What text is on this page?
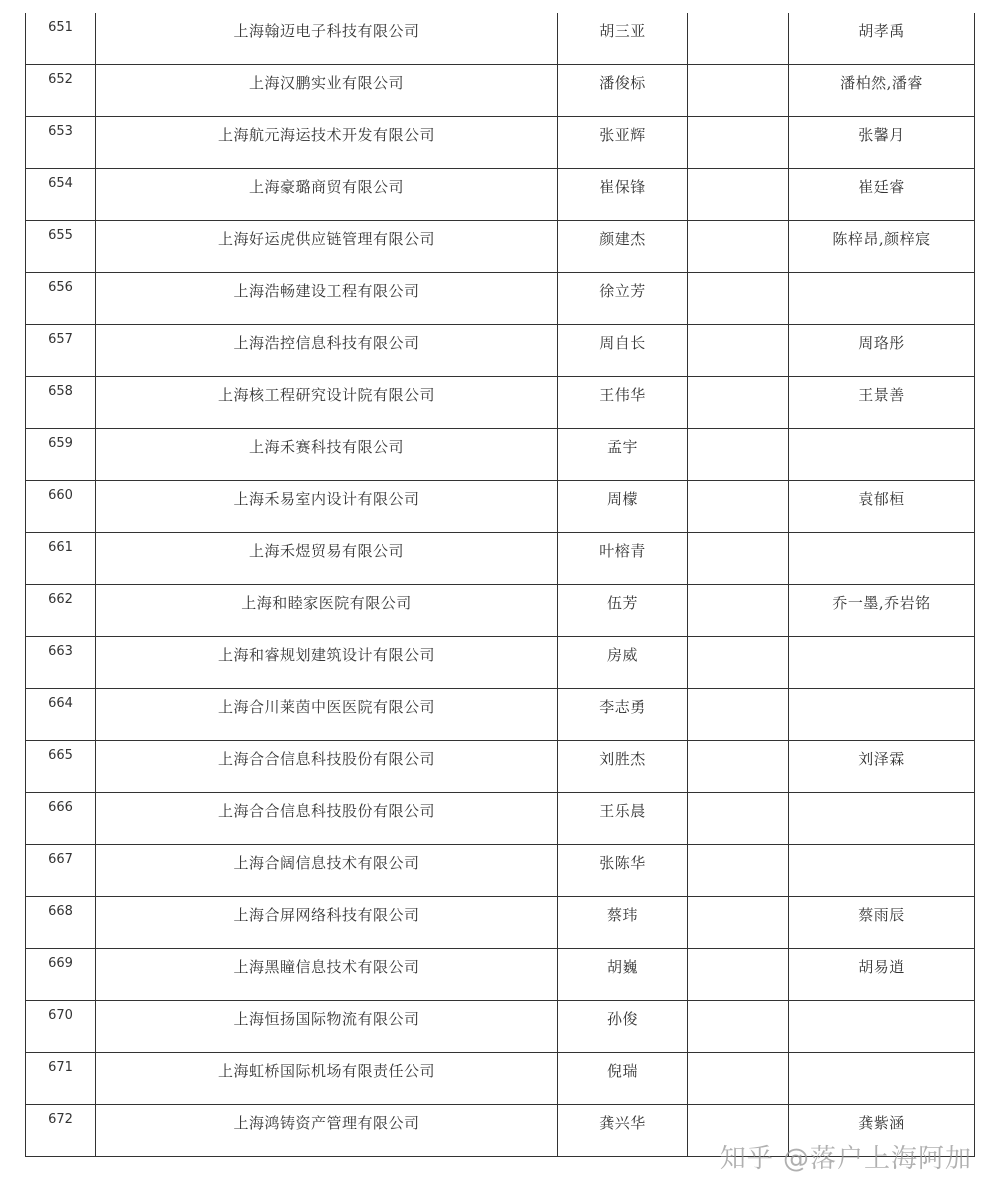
651	上海翰迈电子科技有限公司	胡三亚		胡孝禹

652	上海汉鹏实业有限公司	潘俊标		潘柏然,潘睿

653	上海航元海运技术开发有限公司	张亚辉		张馨月

654	上海豪璐商贸有限公司	崔保锋		崔廷睿

655	上海好运虎供应链管理有限公司	颜建杰		陈梓昂,颜梓宸

656	上海浩畅建设工程有限公司	徐立芳		

657	上海浩控信息科技有限公司	周自长		周珞彤

658	上海核工程研究设计院有限公司	王伟华		王景善

659	上海禾赛科技有限公司	孟宇		

660	上海禾易室内设计有限公司	周檬		袁郁桓

661	上海禾煜贸易有限公司	叶榕青		

662	上海和睦家医院有限公司	伍芳		乔一墨,乔岩铭

663	上海和睿规划建筑设计有限公司	房威		

664	上海合川莱茵中医医院有限公司	李志勇		

665	上海合合信息科技股份有限公司	刘胜杰		刘泽霖

666	上海合合信息科技股份有限公司	王乐晨		

667	上海合阔信息技术有限公司	张陈华		

668	上海合屏网络科技有限公司	蔡玮		蔡雨辰

669	上海黑瞳信息技术有限公司	胡巍		胡易逍

670	上海恒扬国际物流有限公司	孙俊		

671	上海虹桥国际机场有限责任公司	倪瑞		

672	上海鸿铸资产管理有限公司	龚兴华		龚紫涵
知乎 @落户上海阿加
